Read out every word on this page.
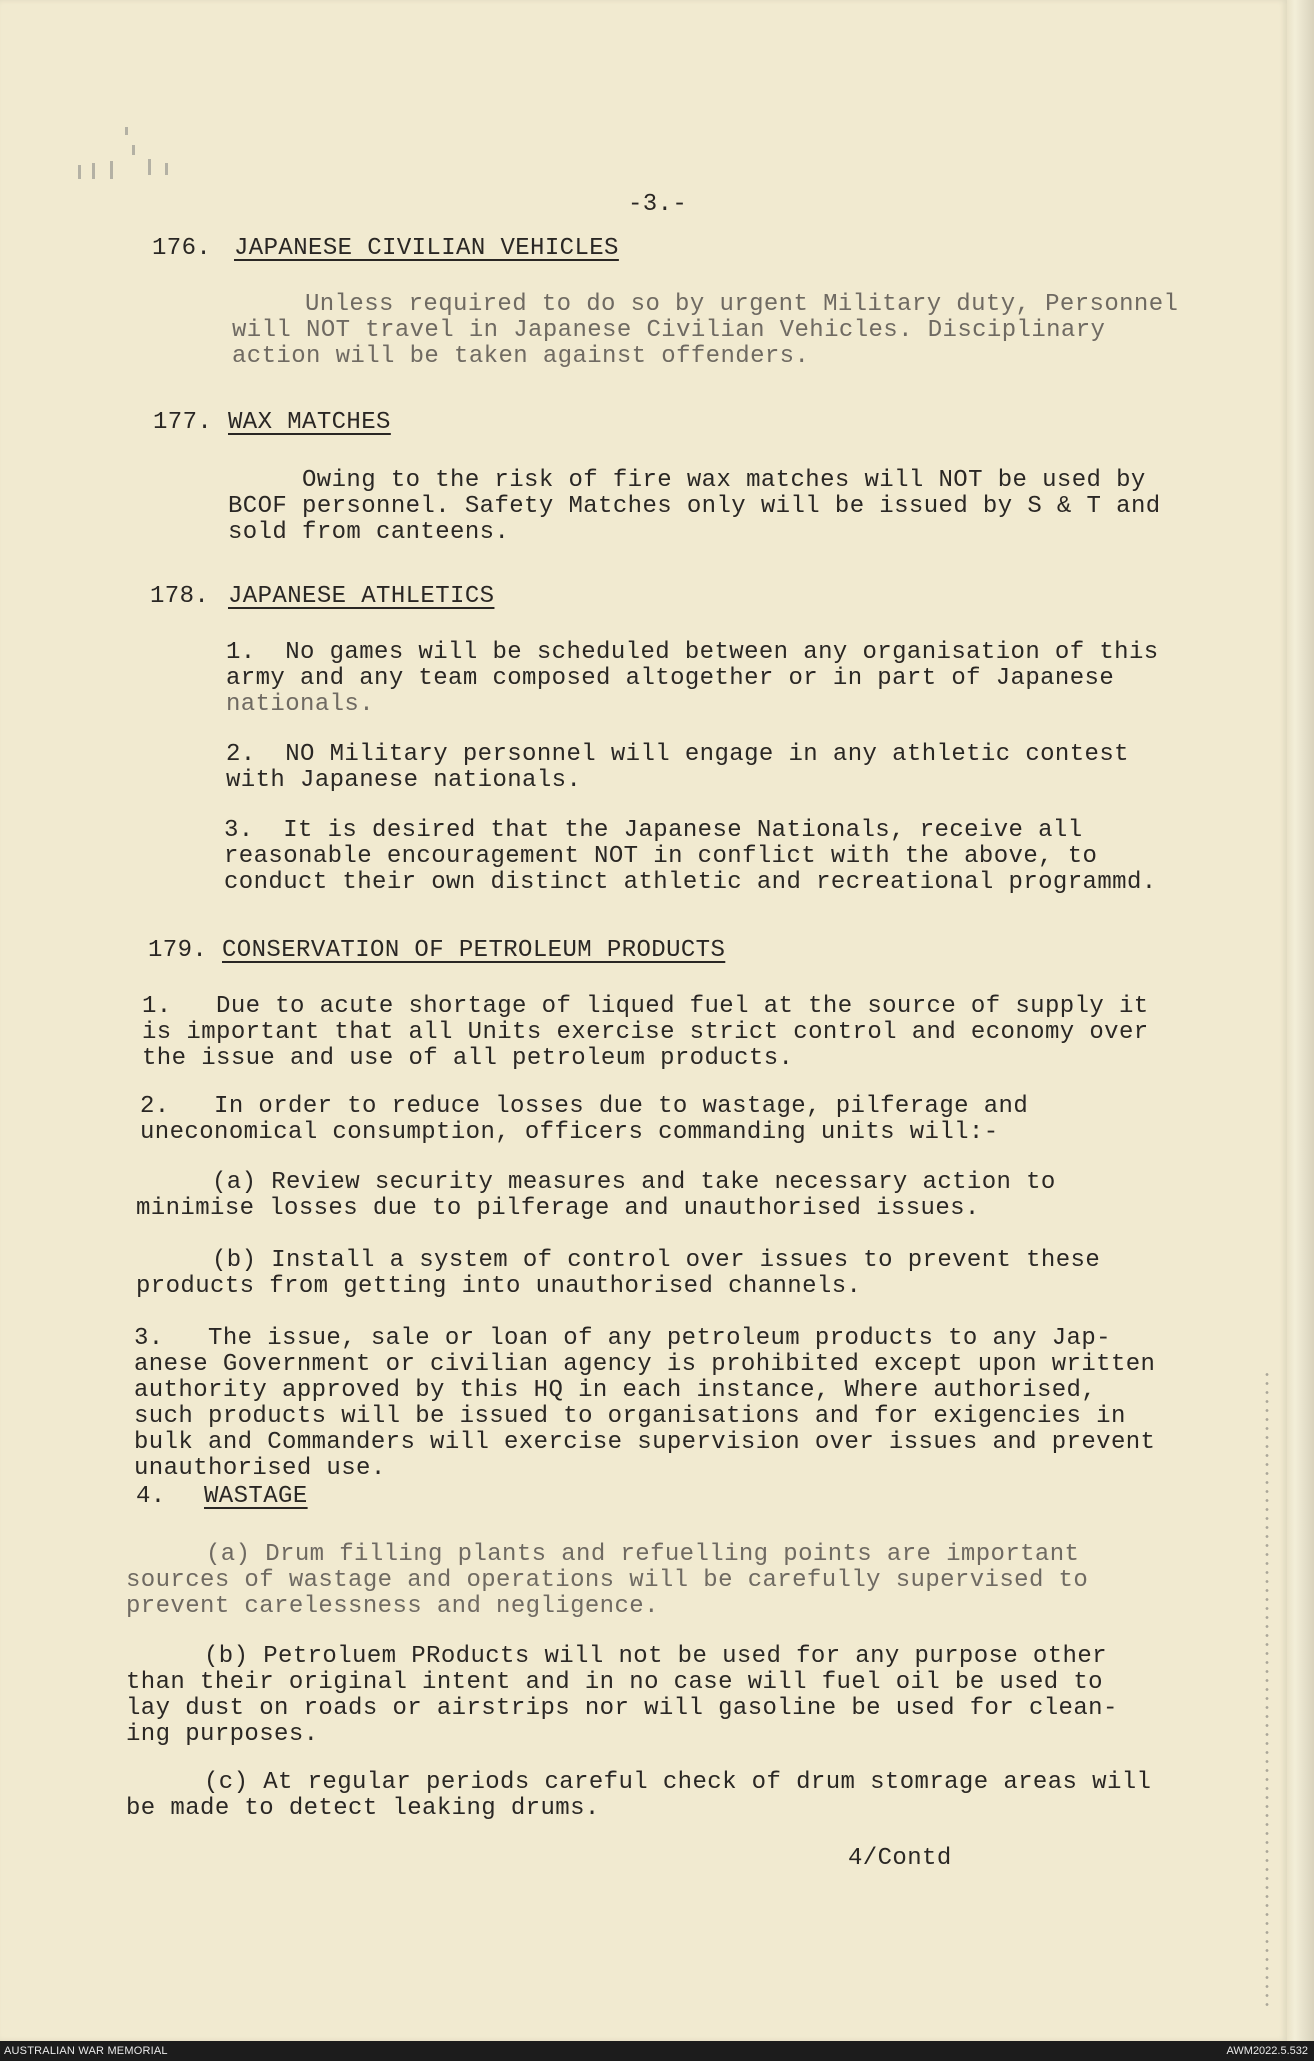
-3.-
176. JAPANESE CIVILIAN VEHICLES
Unless required to do so by urgent Military duty, Personnel
will NOT travel in Japanese Civilian Vehicles. Disciplinary
action will be taken against offenders.
177. WAX MATCHES
Owing to the risk of fire wax matches will NOT be used by
BCOF personnel. Safety Matches only will be issued by S & T and
sold from canteens.
178. JAPANESE ATHLETICS
1.  No games will be scheduled between any organisation of this
army and any team composed altogether or in part of Japanese
nationals.
2.  NO Military personnel will engage in any athletic contest
with Japanese nationals.
3.  It is desired that the Japanese Nationals, receive all
reasonable encouragement NOT in conflict with the above, to
conduct their own distinct athletic and recreational programmd.
179. CONSERVATION OF PETROLEUM PRODUCTS
1.   Due to acute shortage of liqued fuel at the source of supply it
is important that all Units exercise strict control and economy over
the issue and use of all petroleum products.
2.   In order to reduce losses due to wastage, pilferage and
uneconomical consumption, officers commanding units will:-
(a) Review security measures and take necessary action to
minimise losses due to pilferage and unauthorised issues.
(b) Install a system of control over issues to prevent these
products from getting into unauthorised channels.
3.   The issue, sale or loan of any petroleum products to any Jap-
anese Government or civilian agency is prohibited except upon written
authority approved by this HQ in each instance, Where authorised,
such products will be issued to organisations and for exigencies in
bulk and Commanders will exercise supervision over issues and prevent
unauthorised use.
4. WASTAGE
(a) Drum filling plants and refuelling points are important
sources of wastage and operations will be carefully supervised to
prevent carelessness and negligence.
(b) Petroluem PRoducts will not be used for any purpose other
than their original intent and in no case will fuel oil be used to
lay dust on roads or airstrips nor will gasoline be used for clean-
ing purposes.
(c) At regular periods careful check of drum stomrage areas will
be made to detect leaking drums.
4/Contd
AUSTRALIAN WAR MEMORIAL	AWM2022.5.532
